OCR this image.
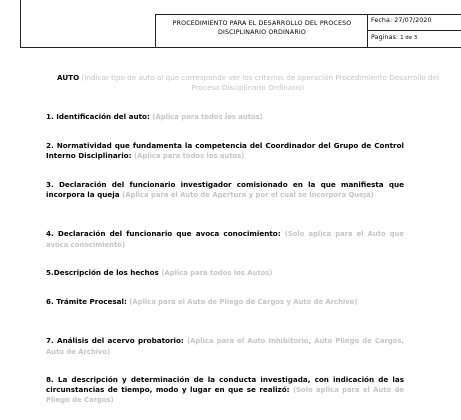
PROCEDIMIENTO PARA EL DESARROLLO DEL PROCESO DISCIPLINARIO ORDINARIO
Fecha: 27/07/2020
Paginas: 1 de 3
AUTO (Indicar tipo de auto al que corresponde ver los criterios de operación Procedimiento Desarrollo del Proceso Disciplinario Ordinario)
1. Identificación del auto: (Aplica para todos los autos)
2. Normatividad que fundamenta la competencia del Coordinador del Grupo de Control Interno Disciplinario: (Aplica para todos los autos)
3. Declaración del funcionario investigador comisionado en la que manifiesta que incorpora la queja (Aplica para el Auto de Apertura y por el cual se Incorpora Queja)
4. Declaración del funcionario que avoca conocimiento: (Solo aplica para el Auto que avoca conocimiento)
5.Descripción de los hechos (Aplica para todos los Autos)
6. Trámite Procesal: (Aplica para el Auto de Pliego de Cargos y Auto de Archivo)
7. Análisis del acervo probatorio: (Aplica para el Auto Inhibitorio, Auto Pliego de Cargos, Auto de Archivo)
8. La descripción y determinación de la conducta investigada, con indicación de las circunstancias de tiempo, modo y lugar en que se realizó: (Solo aplica para el Auto de Pliego de Cargos)
